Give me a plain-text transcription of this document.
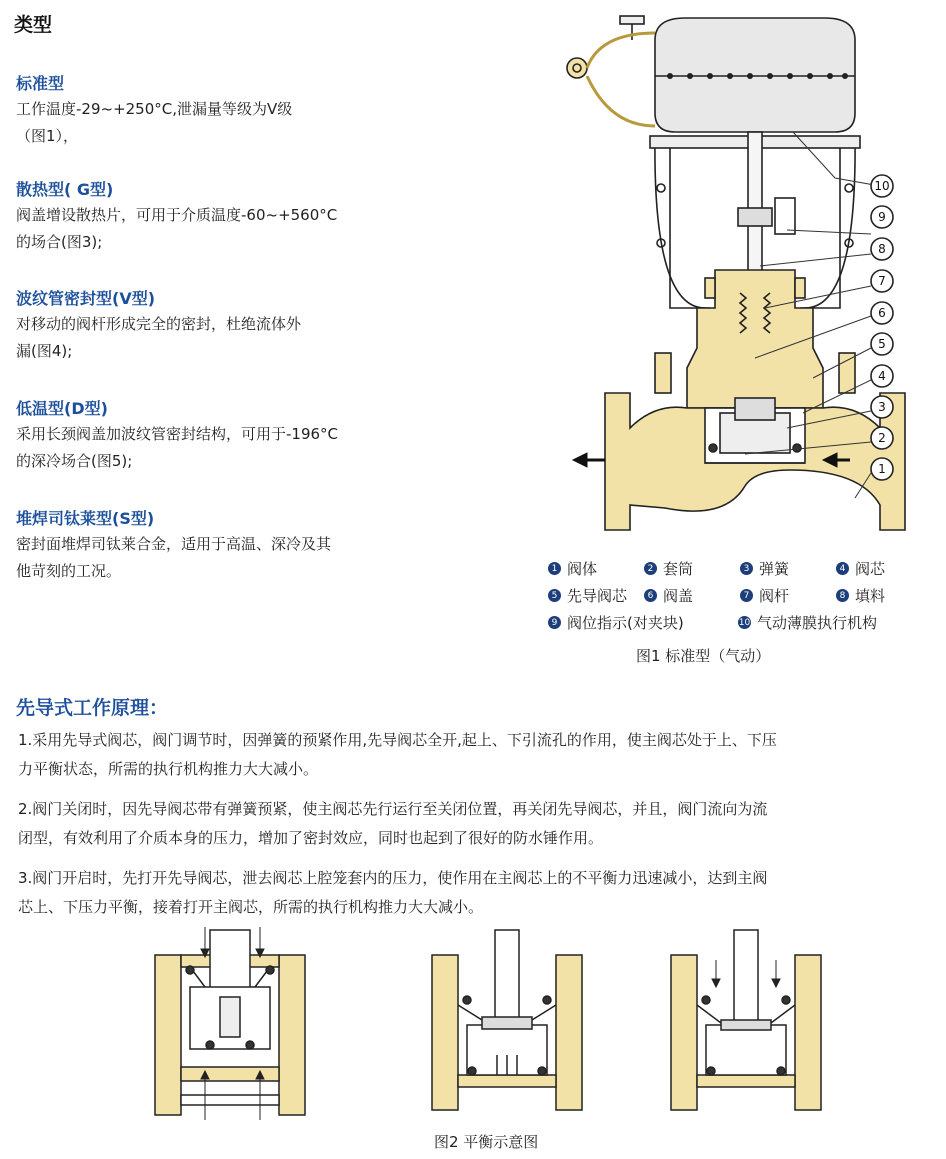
类型
标准型
工作温度-29~+250°C,泄漏量等级为Ⅴ级
（图1），
散热型( G型)
阀盖增设散热片，可用于介质温度-60~+560°C
的场合(图3);
波纹管密封型(V型)
对移动的阀杆形成完全的密封，杜绝流体外
漏(图4);
低温型(D型)
采用长颈阀盖加波纹管密封结构，可用于-196°C
的深冷场合(图5);
堆焊司钛莱型(S型)
密封面堆焊司钛莱合金，适用于高温、深冷及其
他苛刻的工况。
10
9
8
7
6
5
4
3
2
1
1 阀体	2 套筒	3 弹簧	4 阀芯
5 先导阀芯	6 阀盖	7 阀杆	8 填料
9 阀位指示(对夹块)	10 气动薄膜执行机构
图1 标准型（气动）
先导式工作原理：
1.采用先导式阀芯，阀门调节时，因弹簧的预紧作用,先导阀芯全开,起上、下引流孔的作用，使主阀芯处于上、下压
力平衡状态，所需的执行机构推力大大减小。
2.阀门关闭时，因先导阀芯带有弹簧预紧，使主阀芯先行运行至关闭位置，再关闭先导阀芯，并且，阀门流向为流
闭型，有效利用了介质本身的压力，增加了密封效应，同时也起到了很好的防水锤作用。
3.阀门开启时，先打开先导阀芯，泄去阀芯上腔笼套内的压力，使作用在主阀芯上的不平衡力迅速减小，达到主阀
芯上、下压力平衡，接着打开主阀芯，所需的执行机构推力大大减小。
图2 平衡示意图
